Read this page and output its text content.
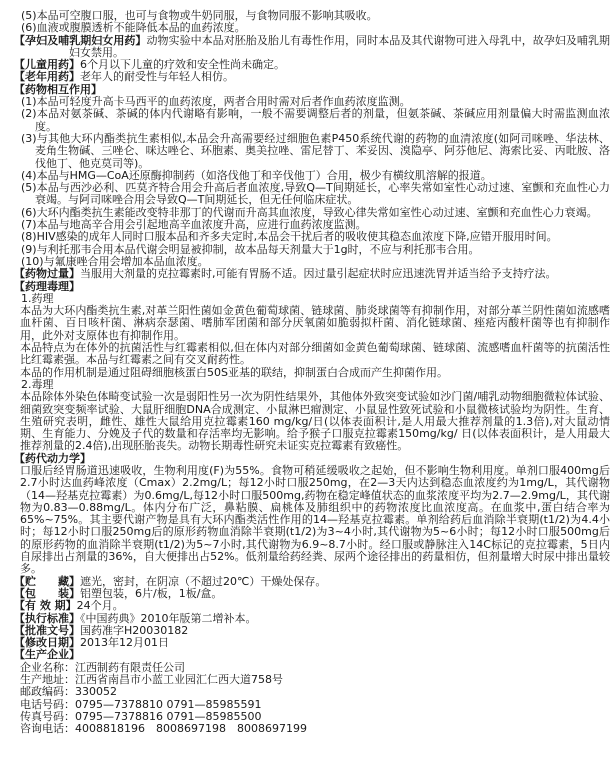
(5)本品可空腹口服，也可与食物或牛奶同服，与食物同服不影响其吸收。
(6)血液或腹膜透析不能降低本品的血药浓度。
【孕妇及哺乳期妇女用药】动物实验中本品对胚胎及胎儿有毒性作用，同时本品及其代谢物可进入母乳中，故孕妇及哺乳期妇女禁用。
【儿童用药】6个月以下儿童的疗效和安全性尚未确定。
【老年用药】老年人的耐受性与年轻人相仿。
【药物相互作用】
(1)本品可轻度升高卡马西平的血药浓度，两者合用时需对后者作血药浓度监测。
(2)本品对氨茶碱、茶碱的体内代谢略有影响，一般不需要调整后者的剂量，但氨茶碱、茶碱应用剂量偏大时需监测血浓度。
(3)与其他大环内酯类抗生素相似,本品会升高需要经过细胞色素P450系统代谢的药物的血清浓度(如阿司咪唑、华法林、麦角生物碱、三唑仑、咪达唑仑、环胞素、奥美拉唑、雷尼替丁、苯妥因、溴隐亭、阿芬他尼、海索比妥、丙吡胺、洛伐他丁、他克莫司等)。
(4)本品与HMG—CoA还原酶抑制药（如洛伐他丁和辛伐他丁）合用，极少有横纹肌溶解的报道。
(5)本品与西沙必利、匹莫齐特合用会升高后者血浓度,导致Q—T间期延长，心率失常如室性心动过速、室颤和充血性心力衰竭。与阿司咪唑合用会导致Q—T间期延长，但无任何临床症状。
(6)大环内酯类抗生素能改变特非那丁的代谢而升高其血浓度，导致心律失常如室性心动过速、室颤和充血性心力衰竭。
(7)本品与地高辛合用会引起地高辛血浓度升高，应进行血药浓度监测。
(8)HIV感染的成年人同时口服本品和齐多夫定时,本品会干扰后者的吸收使其稳态血浓度下降,应错开服用时间。
(9)与利托那韦合用本品代谢会明显被抑制，故本品每天剂量大于1g时，不应与利托那韦合用。
(10)与氟康唑合用会增加本品血浓度。
【药物过量】当服用大剂量的克拉霉素时,可能有胃肠不适。因过量引起症状时应迅速洗胃并适当给予支持疗法。
【药理毒理】
1.药理
本品为大环内酯类抗生素,对革兰阳性菌如金黄色葡萄球菌、链球菌、肺炎球菌等有抑制作用，对部分革兰阴性菌如流感嗜血杆菌、百日咳杆菌、淋病奈瑟菌、嗜肺军团菌和部分厌氧菌如脆弱拟杆菌、消化链球菌、痤疮丙酸杆菌等也有抑制作用，此外对支原体也有抑制作用。
本品特点为在体外的抗菌活性与红霉素相似,但在体内对部分细菌如金黄色葡萄球菌、链球菌、流感嗜血杆菌等的抗菌活性比红霉素强。本品与红霉素之间有交叉耐药性。
本品的作用机制是通过阻碍细胞核蛋白50S亚基的联结，抑制蛋白合成而产生抑菌作用。
2.毒理
本品除体外染色体畸变试验一次是弱阳性另一次为阴性结果外，其他体外致突变试验如沙门菌/哺乳动物细胞微粒体试验、细菌致突变频率试验、大鼠肝细胞DNA合成测定、小鼠淋巴瘤测定、小鼠显性致死试验和小鼠微核试验均为阴性。生育、生殖研究表明，雌性、雄性大鼠给用克拉霉素160 mg/kg/日(以体表面积计,是人用最大推荐剂量的1.3倍),对大鼠动情期、生育能力、分娩及子代的数量和存活率均无影响。给予猴子口服克拉霉素150mg/kg/ 日(以体表面积计，是人用最大推荐剂量的2.4倍),出现胚胎丧失。动物长期毒性研究未证实克拉霉素有致癌性。
【药代动力学】
口服后经胃肠道迅速吸收，生物利用度(F)为55%。食物可稍延缓吸收之起始，但不影响生物利用度。单剂口服400mg后2.7小时达血药峰浓度（Cmax）2.2mg/L；每12小时口服250mg，在2—3天内达到稳态血浓度约为1mg/L，其代谢物（14—羟基克拉霉素）为0.6mg/L,每12小时口服500mg,药物在稳定峰值状态的血浆浓度平均为2.7—2.9mg/L，其代谢物为0.83—0.88mg/L。体内分布广泛，鼻粘膜、扁桃体及肺组织中的药物浓度比血浓度高。在血浆中,蛋白结合率为65%~75%。其主要代谢产物是具有大环内酯类活性作用的14—羟基克拉霉素。单剂给药后血消除半衰期(t1/2)为4.4小时；每12小时口服250mg后的原形药物血消除半衰期(t1/2)为3~4小时,其代谢物为5~6小时；每12小时口服500mg后的原形药物的血消除半衰期(t1/2)为5~7小时,其代谢物为6.9~8.7小时。经口服或静脉注入14C标记的克拉霉素，5日内自尿排出占剂量的36%，自大便排出占52%。低剂量给药经粪、尿两个途径排出的药量相仿，但剂量增大时尿中排出量较多。
【贮　　藏】遮光，密封，在阴凉（不超过20℃）干燥处保存。
【包　　装】铝塑包装，6片/板，1板/盒。
【有 效 期】24个月。
【执行标准】《中国药典》2010年版第二增补本。
【批准文号】国药准字H20030182
【修改日期】2013年12月01日
【生产企业】
企业名称：江西制药有限责任公司
生产地址：江西省南昌市小蓝工业园汇仁西大道758号
邮政编码：330052
电话号码：0795—7378810 0791—85985591
传真号码：0795—7378816 0791—85985500
咨询电话：4008818196　8008697198　8008697199
